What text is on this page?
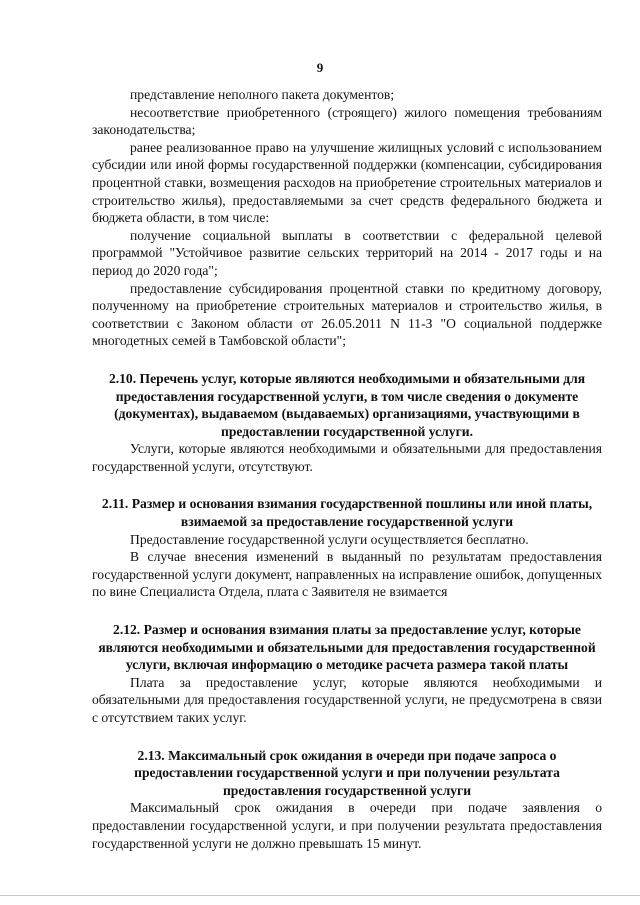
9

представление неполного пакета документов;

несоответствие приобретенного (строящего) жилого помещения требованиям законодательства;

ранее реализованное право на улучшение жилищных условий с использованием субсидии или иной формы государственной поддержки (компенсации, субсидирования процентной ставки, возмещения расходов на приобретение строительных материалов и строительство жилья), предоставляемыми за счет средств федерального бюджета и бюджета области, в том числе:

получение социальной выплаты в соответствии с федеральной целевой программой "Устойчивое развитие сельских территорий на 2014 - 2017 годы и на период до 2020 года";

предоставление субсидирования процентной ставки по кредитному договору, полученному на приобретение строительных материалов и строительство жилья, в соответствии с Законом области от 26.05.2011 N 11-З "О социальной поддержке многодетных семей в Тамбовской области";

2.10. Перечень услуг, которые являются необходимыми и обязательными для предоставления государственной услуги, в том числе сведения о документе (документах), выдаваемом (выдаваемых) организациями, участвующими в предоставлении государственной услуги.

Услуги, которые являются необходимыми и обязательными для предоставления государственной услуги, отсутствуют.

2.11. Размер и основания взимания государственной пошлины или иной платы, взимаемой за предоставление государственной услуги

Предоставление государственной услуги осуществляется бесплатно.

В случае внесения изменений в выданный по результатам предоставления государственной услуги документ, направленных на исправление ошибок, допущенных по вине Специалиста Отдела, плата с Заявителя не взимается

2.12. Размер и основания взимания платы за предоставление услуг, которые являются необходимыми и обязательными для предоставления государственной услуги, включая информацию о методике расчета размера такой платы

Плата за предоставление услуг, которые являются необходимыми и обязательными для предоставления государственной услуги, не предусмотрена в связи с отсутствием таких услуг.

2.13. Максимальный срок ожидания в очереди при подаче запроса о предоставлении государственной услуги и при получении результата предоставления государственной услуги

Максимальный срок ожидания в очереди при подаче заявления о предоставлении государственной услуги, и при получении результата предоставления государственной услуги не должно превышать 15 минут.
